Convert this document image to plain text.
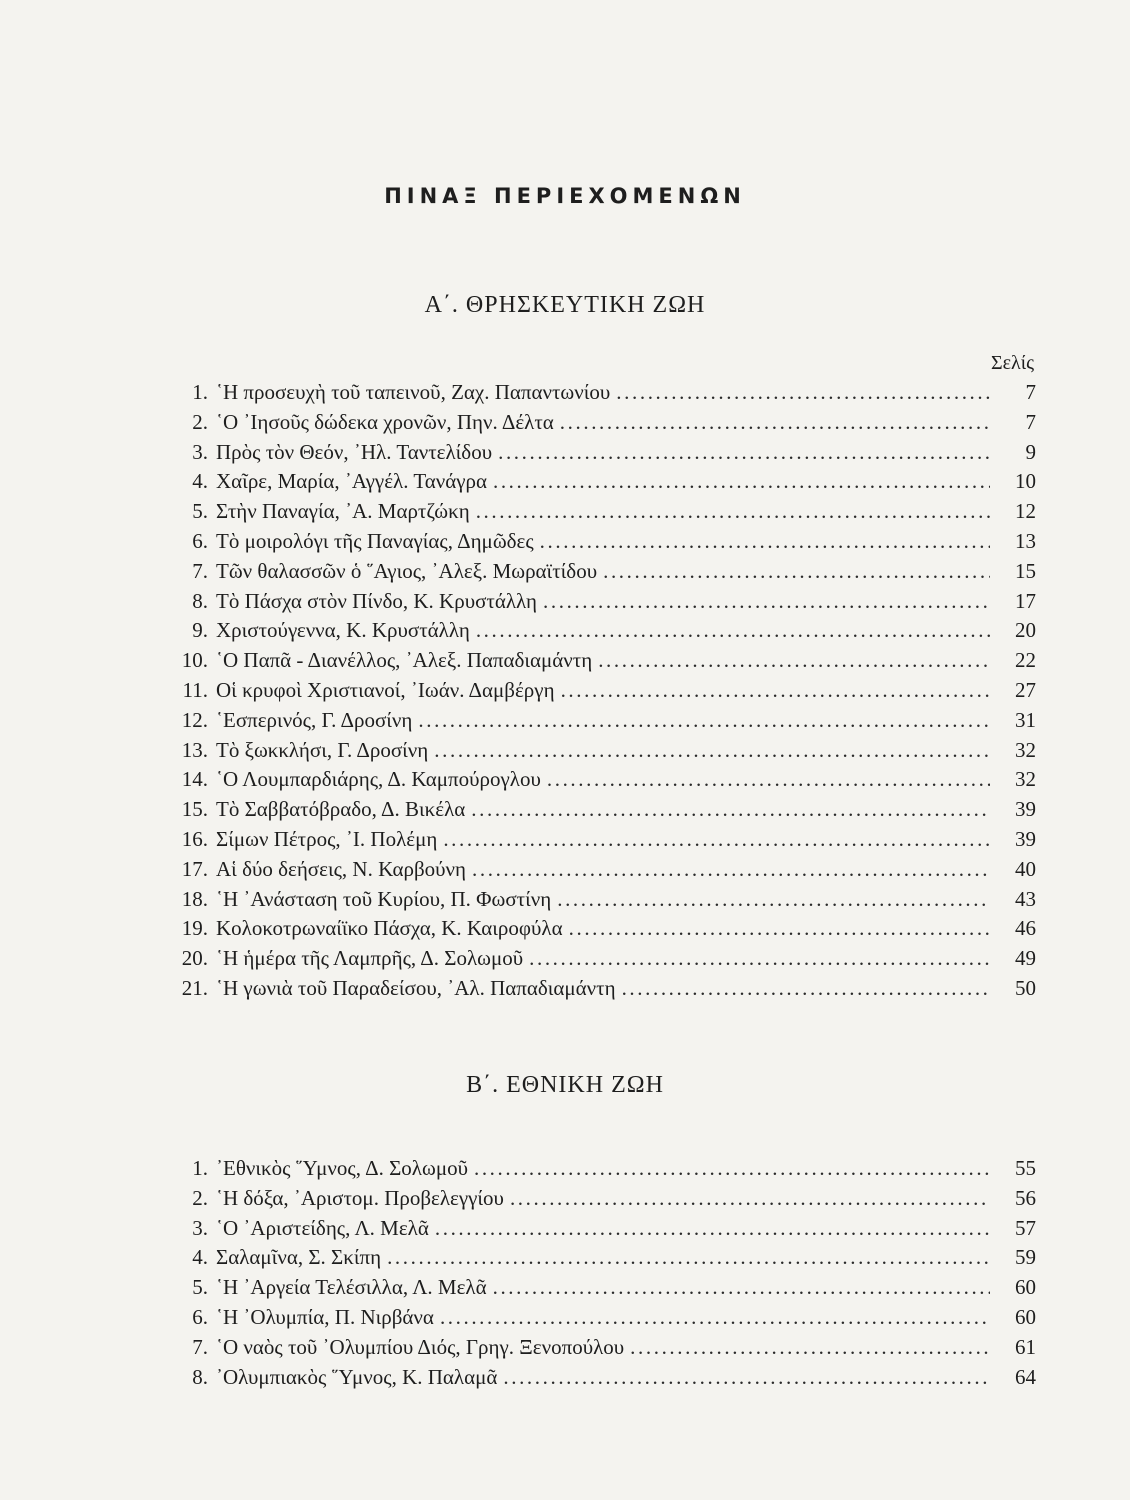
ΠΙΝΑΞ ΠΕΡΙΕΧΟΜΕΝΩΝ
Α΄. ΘΡΗΣΚΕΥΤΙΚΗ ΖΩΗ
Σελίς
1. ῾Η προσευχὴ τοῦ ταπεινοῦ, Ζαχ. Παπαντωνίου .....	7
2. ῾Ο ᾿Ιησοῦς δώδεκα χρονῶν, Πην. Δέλτα .....	7
3. Πρὸς τὸν Θεόν, ᾿Ηλ. Ταντελίδου .....	9
4. Χαῖρε, Μαρία, ᾿Αγγέλ. Τανάγρα .....	10
5. Στὴν Παναγία, ᾿Α. Μαρτζώκη .....	12
6. Τὸ μοιρολόγι τῆς Παναγίας, Δημῶδες .....	13
7. Τῶν θαλασσῶν ὁ ῞Αγιος, ᾿Αλεξ. Μωραϊτίδου .....	15
8. Τὸ Πάσχα στὸν Πίνδο, Κ. Κρυστάλλη .....	17
9. Χριστούγεννα, Κ. Κρυστάλλη .....	20
10. ῾Ο Παπᾶ - Διανέλλος, ᾿Αλεξ. Παπαδιαμάντη .....	22
11. Οἱ κρυφοὶ Χριστιανοί, ᾿Ιωάν. Δαμβέργη .....	27
12. ῾Εσπερινός, Γ. Δροσίνη .....	31
13. Τὸ ξωκκλήσι, Γ. Δροσίνη .....	32
14. ῾Ο Λουμπαρδιάρης, Δ. Καμπούρογλου .....	32
15. Τὸ Σαββατόβραδο, Δ. Βικέλα .....	39
16. Σίμων Πέτρος, ᾿Ι. Πολέμη .....	39
17. Αἱ δύο δεήσεις, Ν. Καρβούνη .....	40
18. ῾Η ᾿Ανάσταση τοῦ Κυρίου, Π. Φωστίνη .....	43
19. Κολοκοτρωναίϊκο Πάσχα, Κ. Καιροφύλα .....	46
20. ῾Η ἡμέρα τῆς Λαμπρῆς, Δ. Σολωμοῦ .....	49
21. ῾Η γωνιὰ τοῦ Παραδείσου, ᾿Αλ. Παπαδιαμάντη .....	50
Β΄. ΕΘΝΙΚΗ ΖΩΗ
1. ᾿Εθνικὸς ῞Υμνος, Δ. Σολωμοῦ .....	55
2. ῾Η δόξα, ᾿Αριστομ. Προβελεγγίου .....	56
3. ῾Ο ᾿Αριστείδης, Λ. Μελᾶ .....	57
4. Σαλαμῖνα, Σ. Σκίπη .....	59
5. ῾Η ᾿Αργεία Τελέσιλλα, Λ. Μελᾶ .....	60
6. ῾Η ᾿Ολυμπία, Π. Νιρβάνα .....	60
7. ῾Ο ναὸς τοῦ ᾿Ολυμπίου Διός, Γρηγ. Ξενοπούλου .....	61
8. ᾿Ολυμπιακὸς ῞Υμνος, Κ. Παλαμᾶ .....	64
